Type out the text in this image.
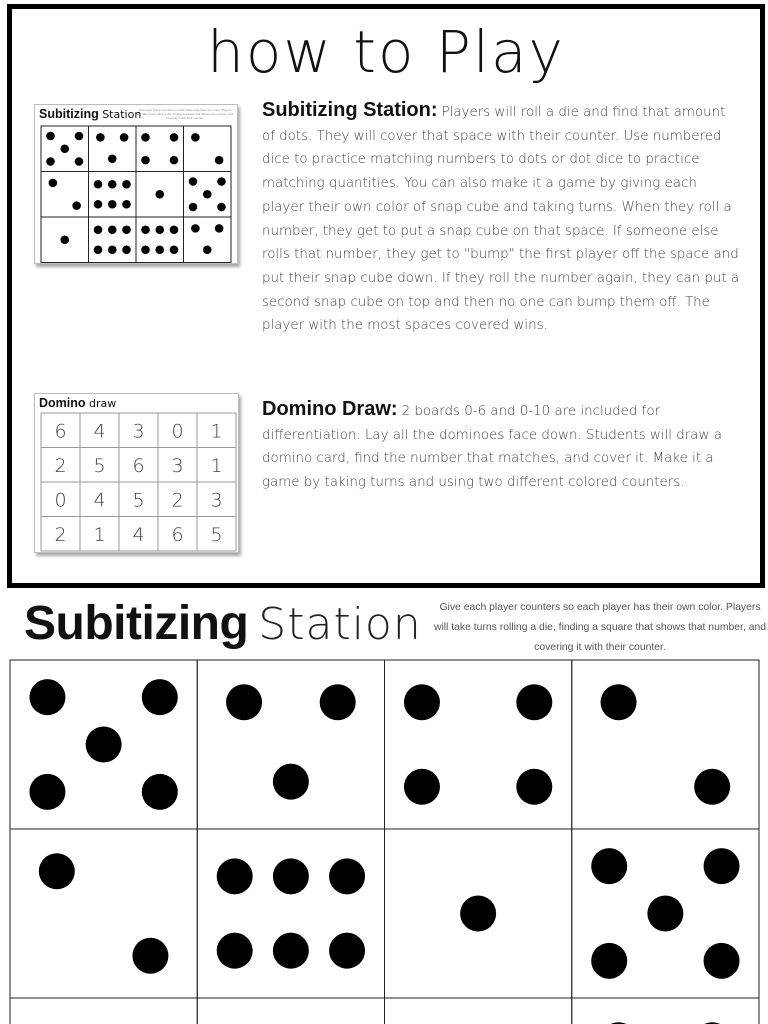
how to Play
Subitizing Station
Give each player counters so each player has their own color. Players will take turns rolling a die, finding a square that shows that number, and covering it with their counter.	Subitizing Station: Players will roll a die and find that amount of dots. They will cover that space with their counter. Use numbered dice to practice matching numbers to dots or dot dice to practice matching quantities. You can also make it a game by giving each player their own color of snap cube and taking turns. When they roll a number, they get to put a snap cube on that space. If someone else rolls that number, they get to "bump" the first player off the space and put their snap cube down. If they roll the number again, they can put a second snap cube on top and then no one can bump them off. The player with the most spaces covered wins.
Domino draw
6 4 3 0 1
2 5 6 3 1
0 4 5 2 3
2 1 4 6 5
Domino Draw: 2 boards 0-6 and 0-10 are included for differentiation. Lay all the dominoes face down. Students will draw a domino card, find the number that matches, and cover it. Make it a game by taking turns and using two different colored counters.
Subitizing Station	Give each player counters so each player has their own color. Players will take turns rolling a die, finding a square that shows that number, and covering it with their counter.
